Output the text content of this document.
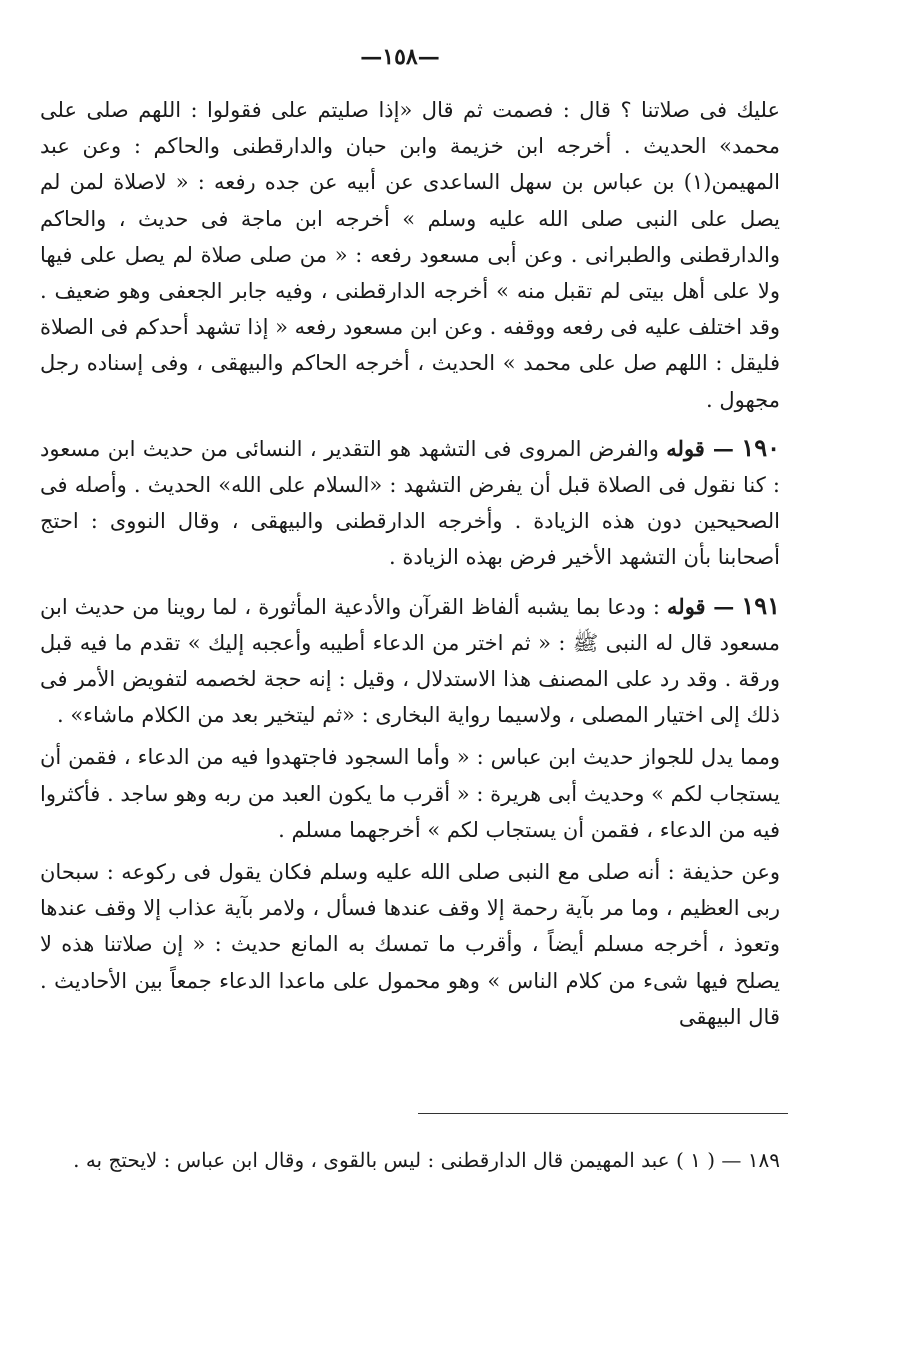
—١٥٨—

عليك فى صلاتنا ؟ قال : فصمت ثم قال «إذا صليتم على فقولوا : اللهم صلى على محمد» الحديث . أخرجه ابن خزيمة وابن حبان والدارقطنى والحاكم : وعن عبد المهيمن(١) بن عباس بن سهل الساعدى عن أبيه عن جده رفعه : « لاصلاة لمن لم يصل على النبى صلى الله عليه وسلم » أخرجه ابن ماجة فى حديث ، والحاكم والدارقطنى والطبرانى . وعن أبى مسعود رفعه : « من صلى صلاة لم يصل على فيها ولا على أهل بيتى لم تقبل منه » أخرجه الدارقطنى ، وفيه جابر الجعفى وهو ضعيف . وقد اختلف عليه فى رفعه ووقفه . وعن ابن مسعود رفعه « إذا تشهد أحدكم فى الصلاة فليقل : اللهم صل على محمد » الحديث ، أخرجه الحاكم والبيهقى ، وفى إسناده رجل مجهول .

١٩٠ — قوله والفرض المروى فى التشهد هو التقدير ، النسائى من حديث ابن مسعود : كنا نقول فى الصلاة قبل أن يفرض التشهد : «السلام على الله» الحديث . وأصله فى الصحيحين دون هذه الزيادة . وأخرجه الدارقطنى والبيهقى ، وقال النووى : احتج أصحابنا بأن التشهد الأخير فرض بهذه الزيادة .

١٩١ — قوله : ودعا بما يشبه ألفاظ القرآن والأدعية المأثورة ، لما روينا من حديث ابن مسعود قال له النبى ﷺ : « ثم اختر من الدعاء أطيبه وأعجبه إليك » تقدم ما فيه قبل ورقة . وقد رد على المصنف هذا الاستدلال ، وقيل : إنه حجة لخصمه لتفويض الأمر فى ذلك إلى اختيار المصلى ، ولاسيما رواية البخارى : «ثم ليتخير بعد من الكلام ماشاء» .

ومما يدل للجواز حديث ابن عباس : « وأما السجود فاجتهدوا فيه من الدعاء ، فقمن أن يستجاب لكم » وحديث أبى هريرة : « أقرب ما يكون العبد من ربه وهو ساجد . فأكثروا فيه من الدعاء ، فقمن أن يستجاب لكم » أخرجهما مسلم .

وعن حذيفة : أنه صلى مع النبى صلى الله عليه وسلم فكان يقول فى ركوعه : سبحان ربى العظيم ، وما مر بآية رحمة إلا وقف عندها فسأل ، ولامر بآية عذاب إلا وقف عندها وتعوذ ، أخرجه مسلم أيضاً ، وأقرب ما تمسك به المانع حديث : « إن صلاتنا هذه لا يصلح فيها شىء من كلام الناس » وهو محمول على ماعدا الدعاء جمعاً بين الأحاديث . قال البيهقى

١٨٩ — ( ١ ) عبد المهيمن قال الدارقطنى : ليس بالقوى ، وقال ابن عباس : لايحتج به .
